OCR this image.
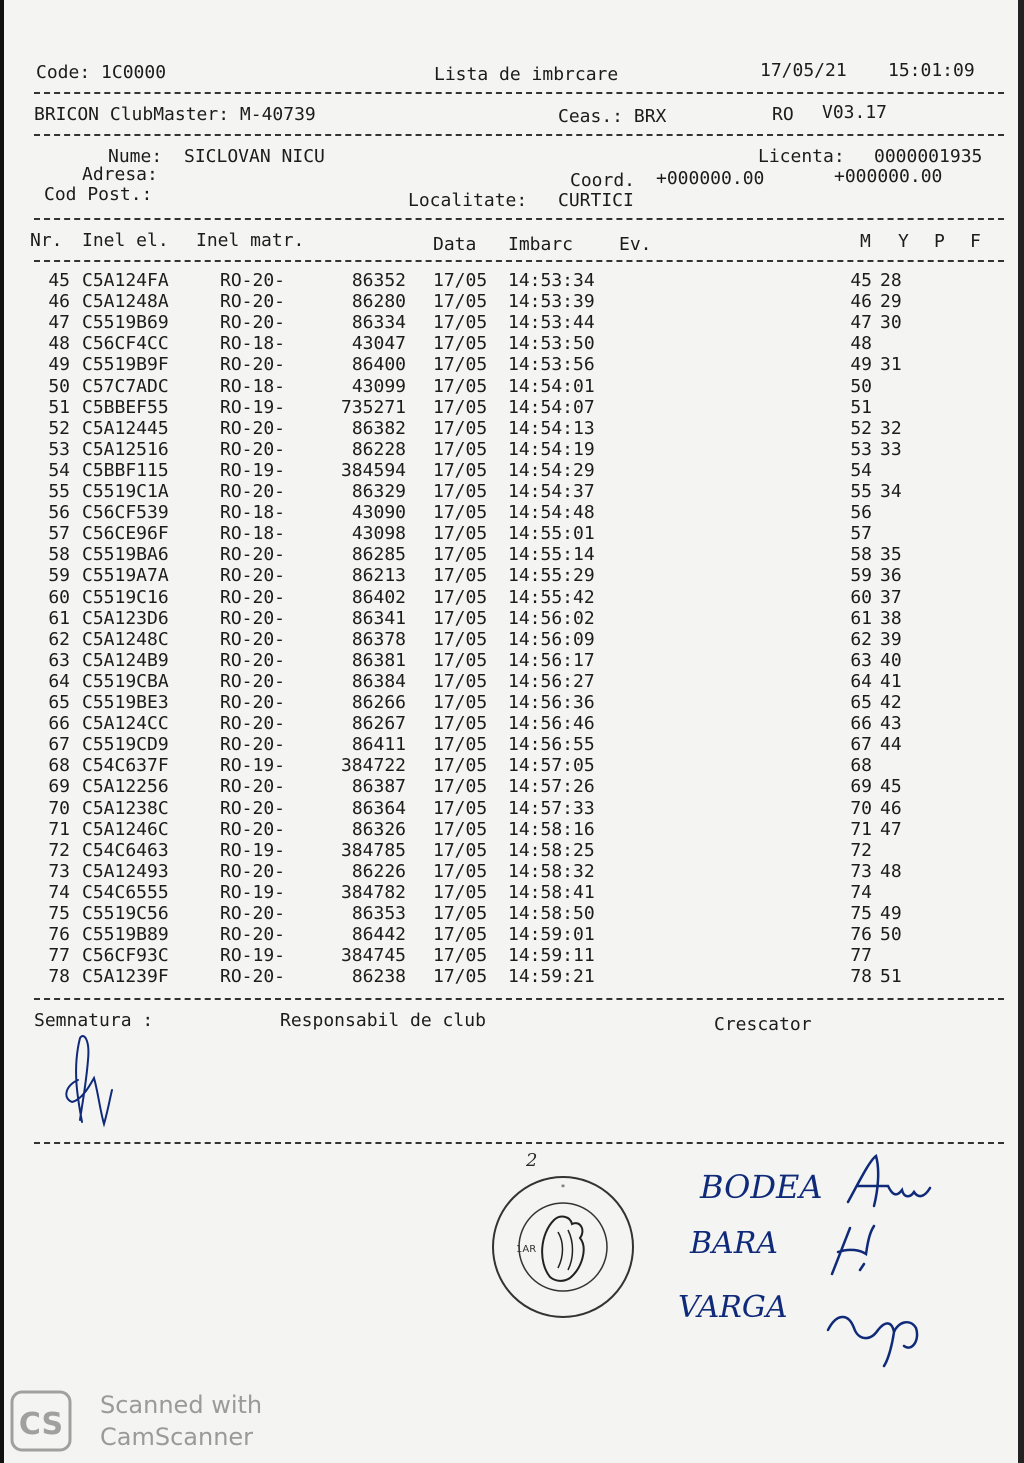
Code: 1C0000	Lista de imbrcare	17/05/21 15:01:09
BRICON ClubMaster: M-40739	Ceas.: BRX	RO V03.17
Nume: SICLOVAN NICU	Licenta: 0000001935
Adresa:	Coord. +000000.00	+000000.00
Cod Post.:	Localitate: CURTICI
Nr. Inel el. Inel matr.	Data Imbarc	Ev.	M Y P F
45 C5A124FA	RO-20-	86352 17/05 14:53:34	45 28
46 C5A1248A	RO-20-	86280 17/05 14:53:39	46 29
47 C5519B69	RO-20-	86334 17/05 14:53:44	47 30
48 C56CF4CC	RO-18-	43047 17/05 14:53:50	48
49 C5519B9F	RO-20-	86400 17/05 14:53:56	49 31
50 C57C7ADC	RO-18-	43099 17/05 14:54:01	50
51 C5BBEF55	RO-19-	735271 17/05 14:54:07	51
52 C5A12445	RO-20-	86382 17/05 14:54:13	52 32
53 C5A12516	RO-20-	86228 17/05 14:54:19	53 33
54 C5BBF115	RO-19-	384594 17/05 14:54:29	54
55 C5519C1A	RO-20-	86329 17/05 14:54:37	55 34
56 C56CF539	RO-18-	43090 17/05 14:54:48	56
57 C56CE96F	RO-18-	43098 17/05 14:55:01	57
58 C5519BA6	RO-20-	86285 17/05 14:55:14	58 35
59 C5519A7A	RO-20-	86213 17/05 14:55:29	59 36
60 C5519C16	RO-20-	86402 17/05 14:55:42	60 37
61 C5A123D6	RO-20-	86341 17/05 14:56:02	61 38
62 C5A1248C	RO-20-	86378 17/05 14:56:09	62 39
63 C5A124B9	RO-20-	86381 17/05 14:56:17	63 40
64 C5519CBA	RO-20-	86384 17/05 14:56:27	64 41
65 C5519BE3	RO-20-	86266 17/05 14:56:36	65 42
66 C5A124CC	RO-20-	86267 17/05 14:56:46	66 43
67 C5519CD9	RO-20-	86411 17/05 14:56:55	67 44
68 C54C637F	RO-19-	384722 17/05 14:57:05	68
69 C5A12256	RO-20-	86387 17/05 14:57:26	69 45
70 C5A1238C	RO-20-	86364 17/05 14:57:33	70 46
71 C5A1246C	RO-20-	86326 17/05 14:58:16	71 47
72 C54C6463	RO-19-	384785 17/05 14:58:25	72
73 C5A12493	RO-20-	86226 17/05 14:58:32	73 48
74 C54C6555	RO-19-	384782 17/05 14:58:41	74
75 C5519C56	RO-20-	86353 17/05 14:58:50	75 49
76 C5519B89	RO-20-	86442 17/05 14:59:01	76 50
77 C56CF93C	RO-19-	384745 17/05 14:59:11	77
78 C5A1239F	RO-20-	86238 17/05 14:59:21	78 51
Semnatura :	Responsabil de club	Crescator
2
1AR
*	BODEA
BARA
VARGA
CS
Scanned with
CamScanner
